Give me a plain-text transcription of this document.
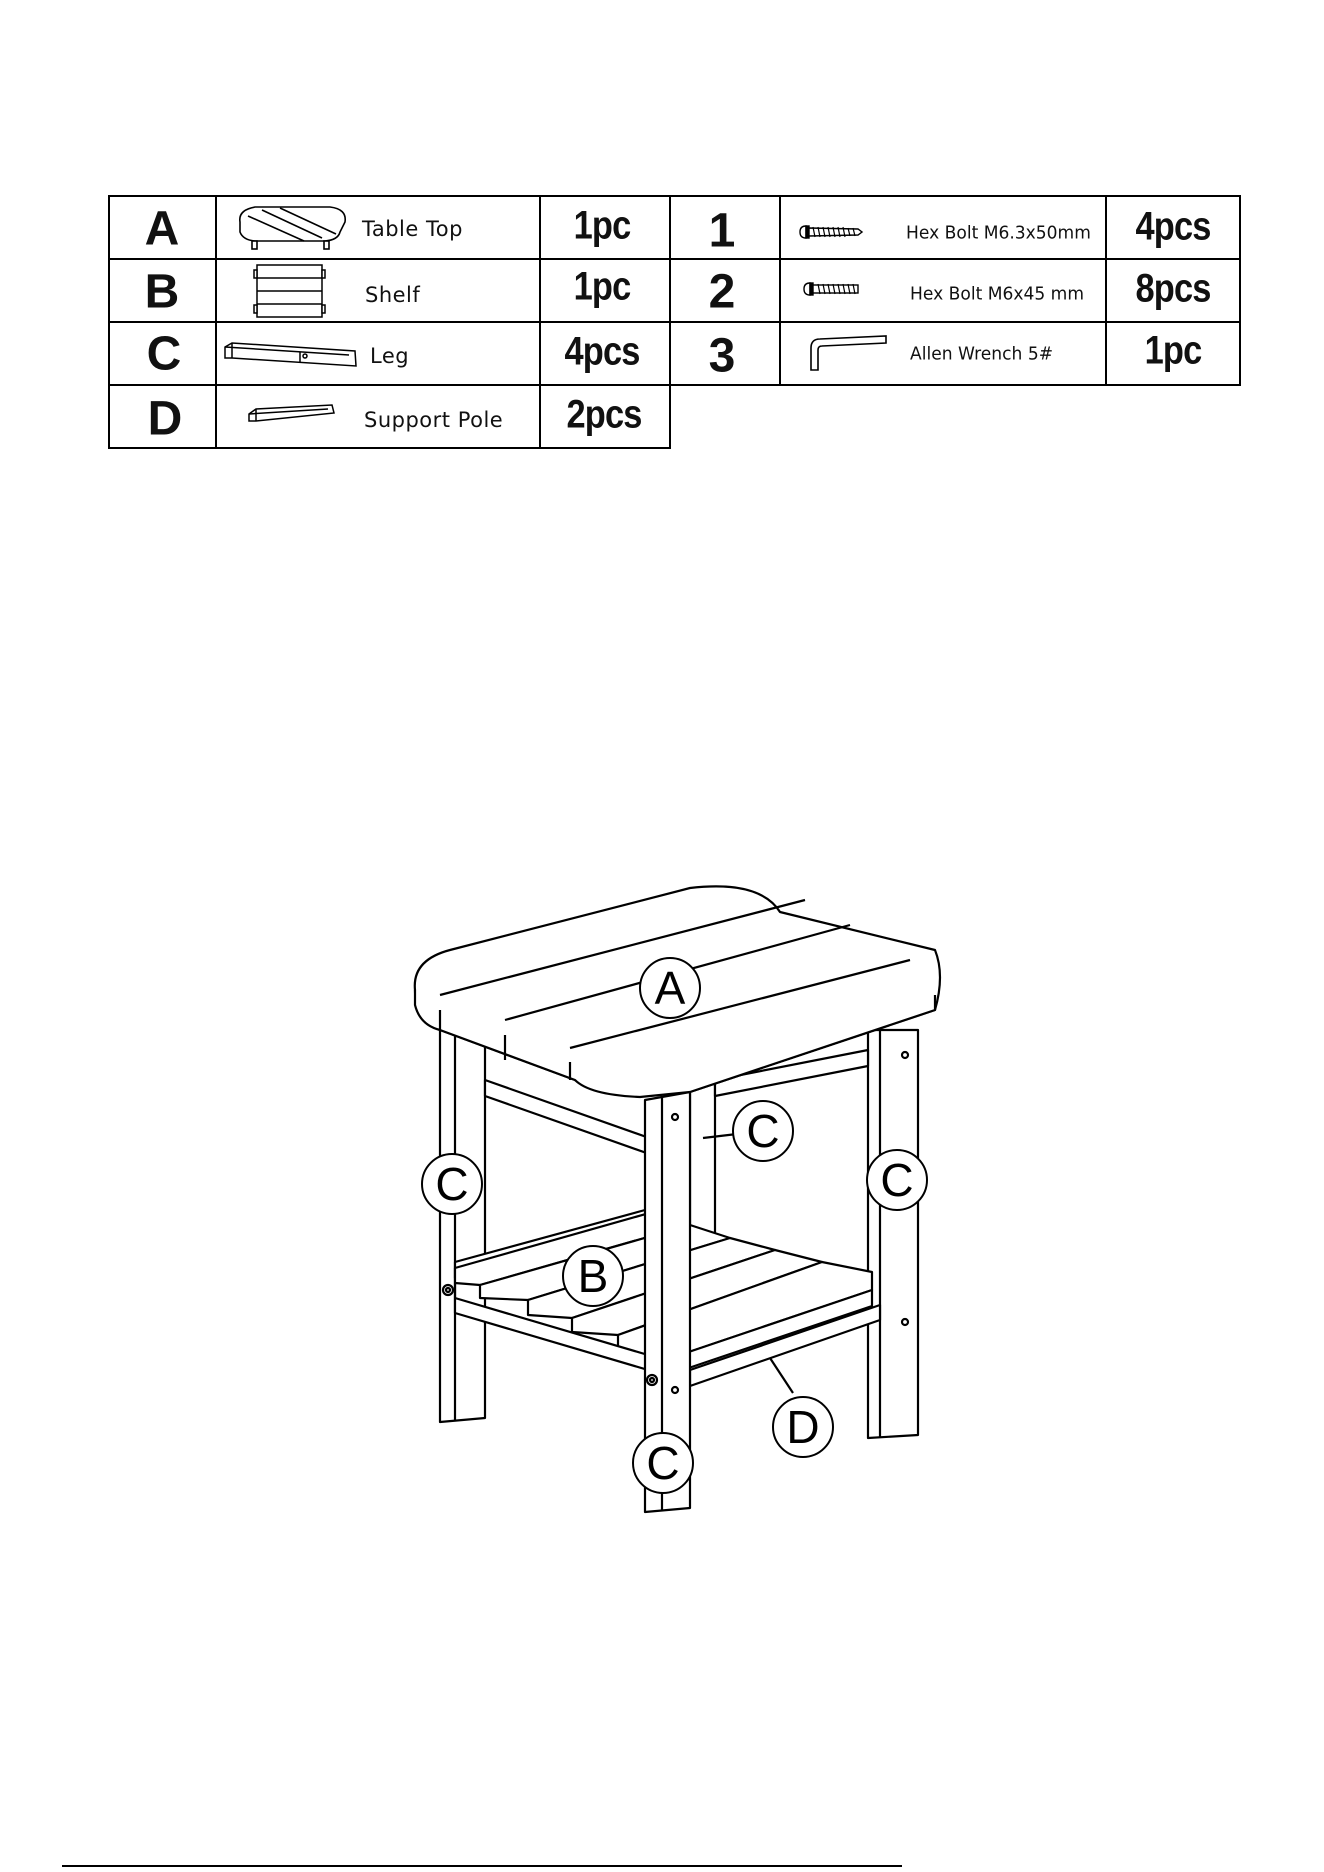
A	Table Top	1pc
B	Shelf	1pc
C	Leg	4pcs
D	Support Pole 2pcs
1	Hex Bolt M6.3x50mm 4pcs
2	Hex Bolt M6x45 mm 8pcs
3	Allen Wrench 5# 1pc
A
C
C	C
B
D
C
